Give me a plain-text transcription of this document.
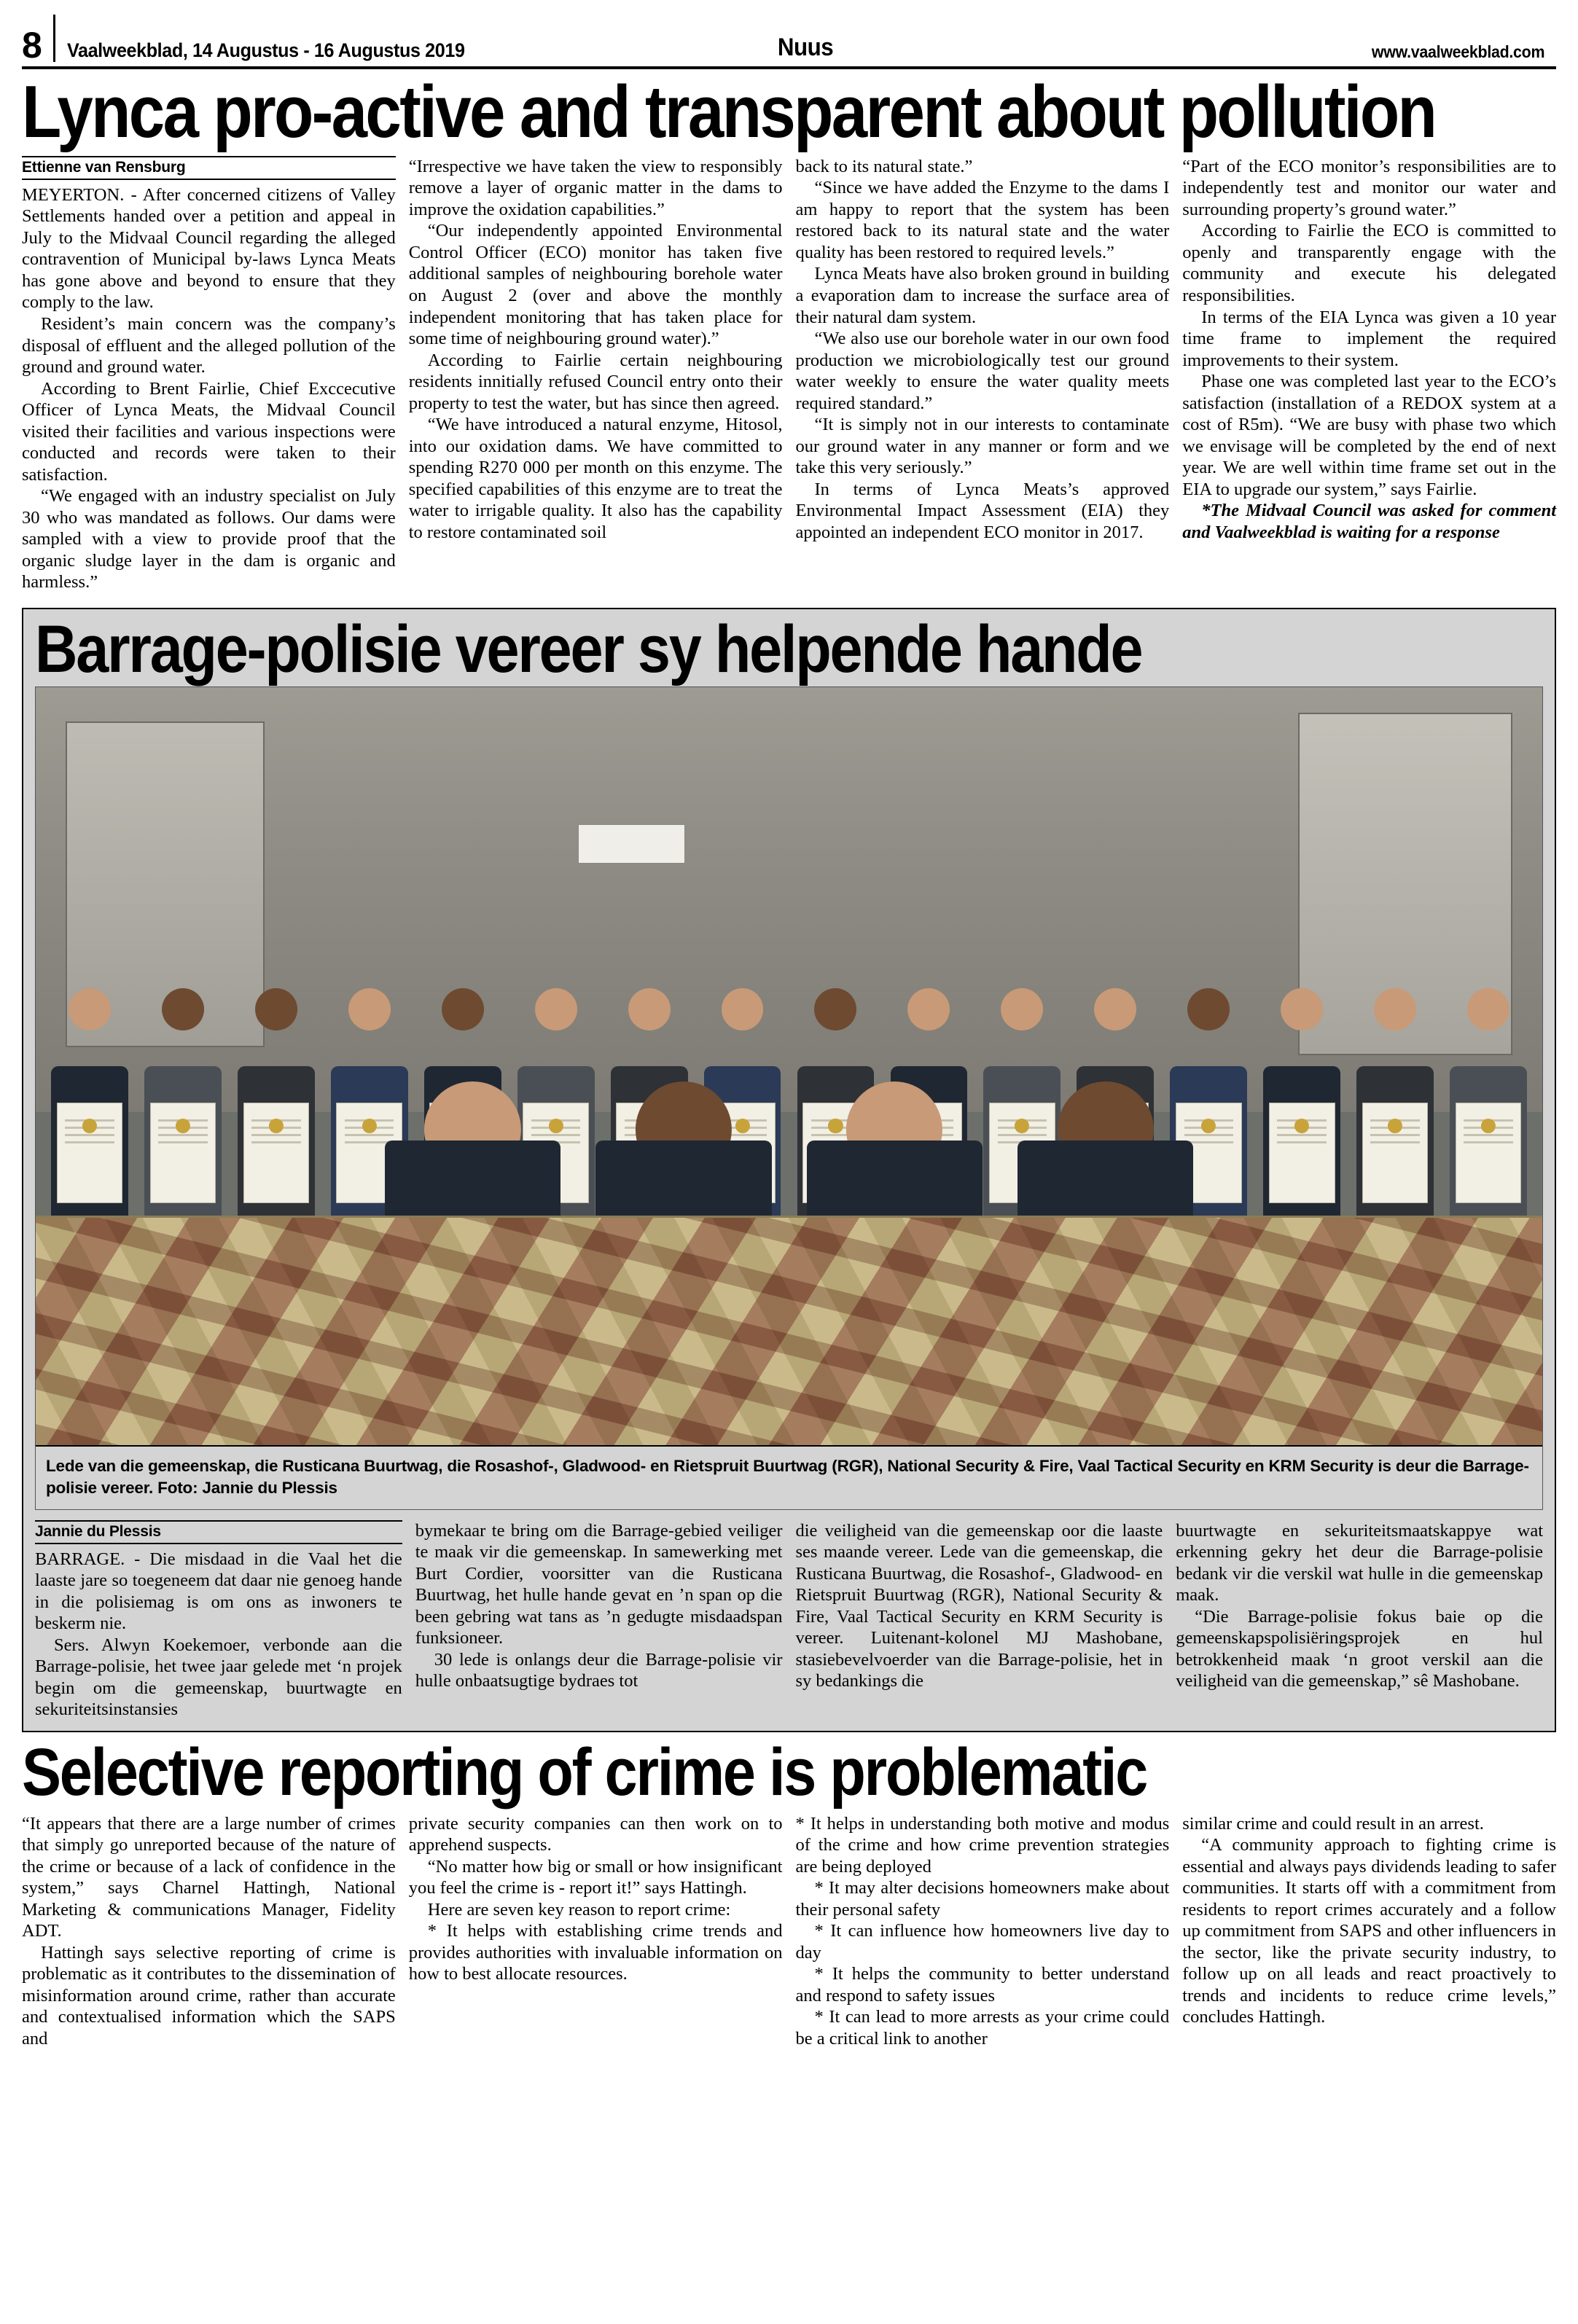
8	Vaalweekblad, 14 Augustus - 16 Augustus 2019	Nuus	www.vaalweekblad.com
Lynca pro-active and transparent about pollution
Ettienne van Rensburg

MEYERTON. - After concerned citizens of Valley Settlements handed over a petition and appeal in July to the Midvaal Council regarding the alleged contravention of Municipal by-laws Lynca Meats has gone above and beyond to ensure that they comply to the law.

Resident’s main concern was the company’s disposal of effluent and the alleged pollution of the ground and ground water.

According to Brent Fairlie, Chief Exccecutive Officer of Lynca Meats, the Midvaal Council visited their facilities and various inspections were conducted and records were taken to their satisfaction.

“We engaged with an industry specialist on July 30 who was mandated as follows. Our dams were sampled with a view to provide proof that the organic sludge layer in the dam is organic and harmless.”

“Irrespective we have taken the view to responsibly remove a layer of organic matter in the dams to improve the oxidation capabilities.”

“Our independently appointed Environmental Control Officer (ECO) monitor has taken five additional samples of neighbouring borehole water on August 2 (over and above the monthly independent monitoring that has taken place for some time of neighbouring ground water).”

According to Fairlie certain neighbouring residents innitially refused Council entry onto their property to test the water, but has since then agreed.

“We have introduced a natural enzyme, Hitosol, into our oxidation dams. We have committed to spending R270 000 per month on this enzyme. The specified capabilities of this enzyme are to treat the water to irrigable quality. It also has the capability to restore contaminated soil

back to its natural state.”

“Since we have added the Enzyme to the dams I am happy to report that the system has been restored back to its natural state and the water quality has been restored to required levels.”

Lynca Meats have also broken ground in building a evaporation dam to increase the surface area of their natural dam system.

“We also use our borehole water in our own food production we microbiologically test our ground water weekly to ensure the water quality meets required standard.”

“It is simply not in our interests to contaminate our ground water in any manner or form and we take this very seriously.”

In terms of Lynca Meats’s approved Environmental Impact Assessment (EIA) they appointed an independent ECO monitor in 2017.

“Part of the ECO monitor’s responsibilities are to independently test and monitor our water and surrounding property’s ground water.”

According to Fairlie the ECO is committed to openly and transparently engage with the community and execute his delegated responsibilities.

In terms of the EIA Lynca was given a 10 year time frame to implement the required improvements to their system.

Phase one was completed last year to the ECO’s satisfaction (installation of a REDOX system at a cost of R5m). “We are busy with phase two which we envisage will be completed by the end of next year. We are well within time frame set out in the EIA to upgrade our system,” says Fairlie.

*The Midvaal Council was asked for comment and Vaalweekblad is waiting for a response

Barrage-polisie vereer sy helpende hande

Lede van die gemeenskap, die Rusticana Buurtwag, die Rosashof-, Gladwood- en Rietspruit Buurtwag (RGR), National Security & Fire, Vaal Tactical Security en KRM Security is deur die Barrage-polisie vereer. Foto: Jannie du Plessis

Jannie du Plessis

BARRAGE. - Die misdaad in die Vaal het die laaste jare so toegeneem dat daar nie genoeg hande in die polisiemag is om ons as inwoners te beskerm nie.

Sers. Alwyn Koekemoer, verbonde aan die Barrage-polisie, het twee jaar gelede met ‘n projek begin om die gemeenskap, buurtwagte en sekuriteitsinstansies

bymekaar te bring om die Barrage-gebied veiliger te maak vir die gemeenskap. In samewerking met Burt Cordier, voorsitter van die Rusticana Buurtwag, het hulle hande gevat en ’n span op die been gebring wat tans as ’n gedugte misdaadspan funksioneer.

30 lede is onlangs deur die Barrage-polisie vir hulle onbaatsugtige bydraes tot

die veiligheid van die gemeenskap oor die laaste ses maande vereer. Lede van die gemeenskap, die Rusticana Buurtwag, die Rosashof-, Gladwood- en Rietspruit Buurtwag (RGR), National Security & Fire, Vaal Tactical Security en KRM Security is vereer. Luitenant-kolonel MJ Mashobane, stasiebevelvoerder van die Barrage-polisie, het in sy bedankings die

buurtwagte en sekuriteitsmaatskappye wat erkenning gekry het deur die Barrage-polisie bedank vir die verskil wat hulle in die gemeenskap maak.

“Die Barrage-polisie fokus baie op die gemeenskapspolisiëringsprojek en hul betrokkenheid maak ‘n groot verskil aan die veiligheid van die gemeenskap,” sê Mashobane.

Selective reporting of crime is problematic

“It appears that there are a large number of crimes that simply go unreported because of the nature of the crime or because of a lack of confidence in the system,” says Charnel Hattingh, National Marketing & communications Manager, Fidelity ADT.

Hattingh says selective reporting of crime is problematic as it contributes to the dissemination of misinformation around crime, rather than accurate and contextualised information which the SAPS and

private security companies can then work on to apprehend suspects.

“No matter how big or small or how insignificant you feel the crime is - report it!” says Hattingh.

Here are seven key reason to report crime:

* It helps with establishing crime trends and provides authorities with invaluable information on how to best allocate resources.

* It helps in understanding both motive and modus of the crime and how crime prevention strategies are being deployed

* It may alter decisions homeowners make about their personal safety

* It can influence how homeowners live day to day

* It helps the community to better understand and respond to safety issues

* It can lead to more arrests as your crime could be a critical link to another

similar crime and could result in an arrest.

“A community approach to fighting crime is essential and always pays dividends leading to safer communities. It starts off with a commitment from residents to report crimes accurately and a follow up commitment from SAPS and other influencers in the sector, like the private security industry, to follow up on all leads and react proactively to trends and incidents to reduce crime levels,” concludes Hattingh.
